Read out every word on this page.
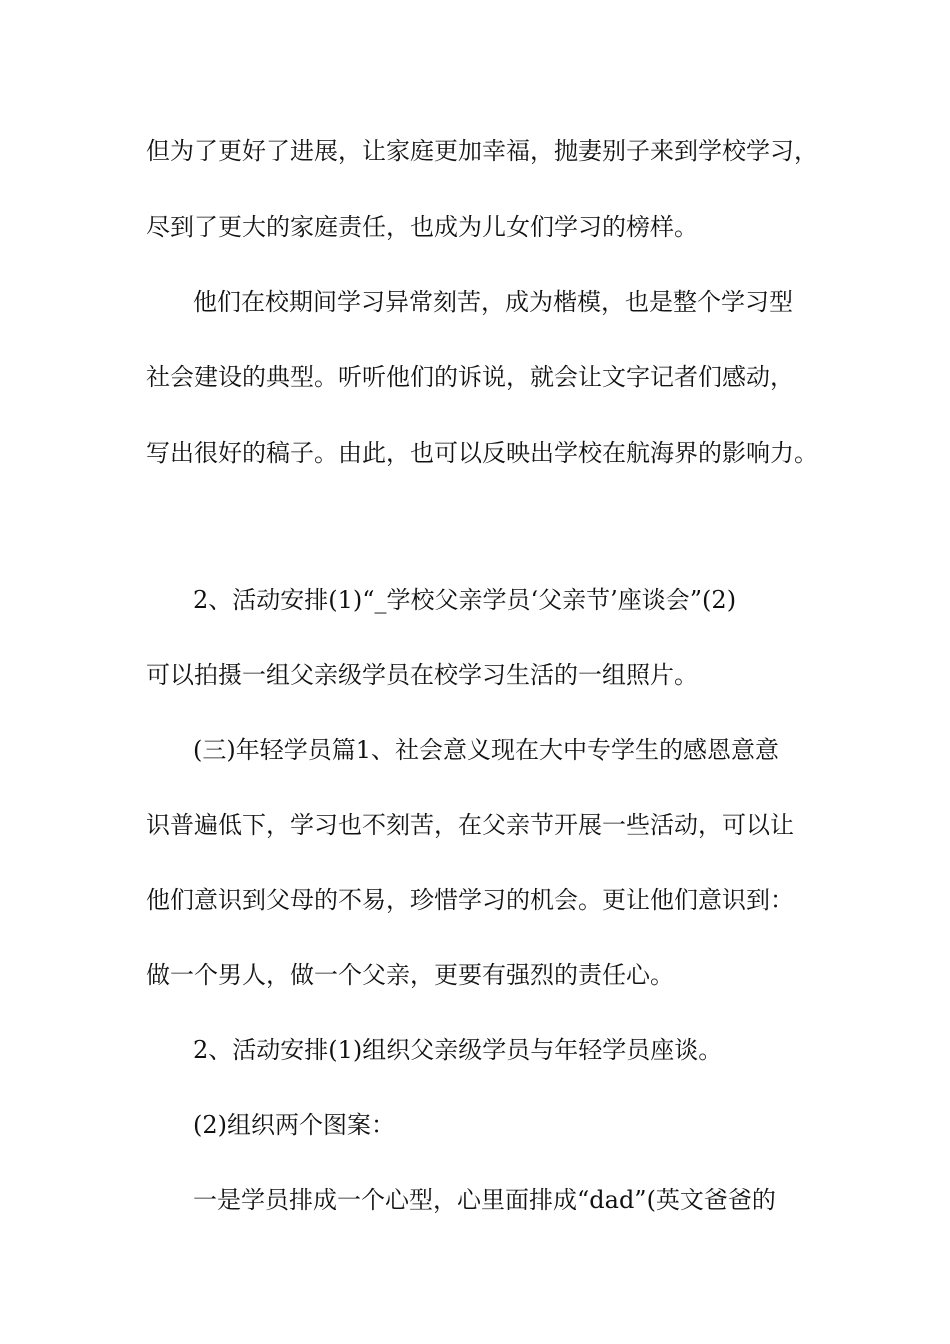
但为了更好了进展，让家庭更加幸福，抛妻别子来到学校学习，
尽到了更大的家庭责任，也成为儿女们学习的榜样。
他们在校期间学习异常刻苦，成为楷模，也是整个学习型
社会建设的典型。听听他们的诉说，就会让文字记者们感动，
写出很好的稿子。由此，也可以反映出学校在航海界的影响力。
2、活动安排(1)“_学校父亲学员‘父亲节’座谈会”(2)
可以拍摄一组父亲级学员在校学习生活的一组照片。
(三)年轻学员篇1、社会意义现在大中专学生的感恩意意
识普遍低下，学习也不刻苦，在父亲节开展一些活动，可以让
他们意识到父母的不易，珍惜学习的机会。更让他们意识到：
做一个男人，做一个父亲，更要有强烈的责任心。
2、活动安排(1)组织父亲级学员与年轻学员座谈。
(2)组织两个图案：
一是学员排成一个心型，心里面排成“dad”(英文爸爸的
